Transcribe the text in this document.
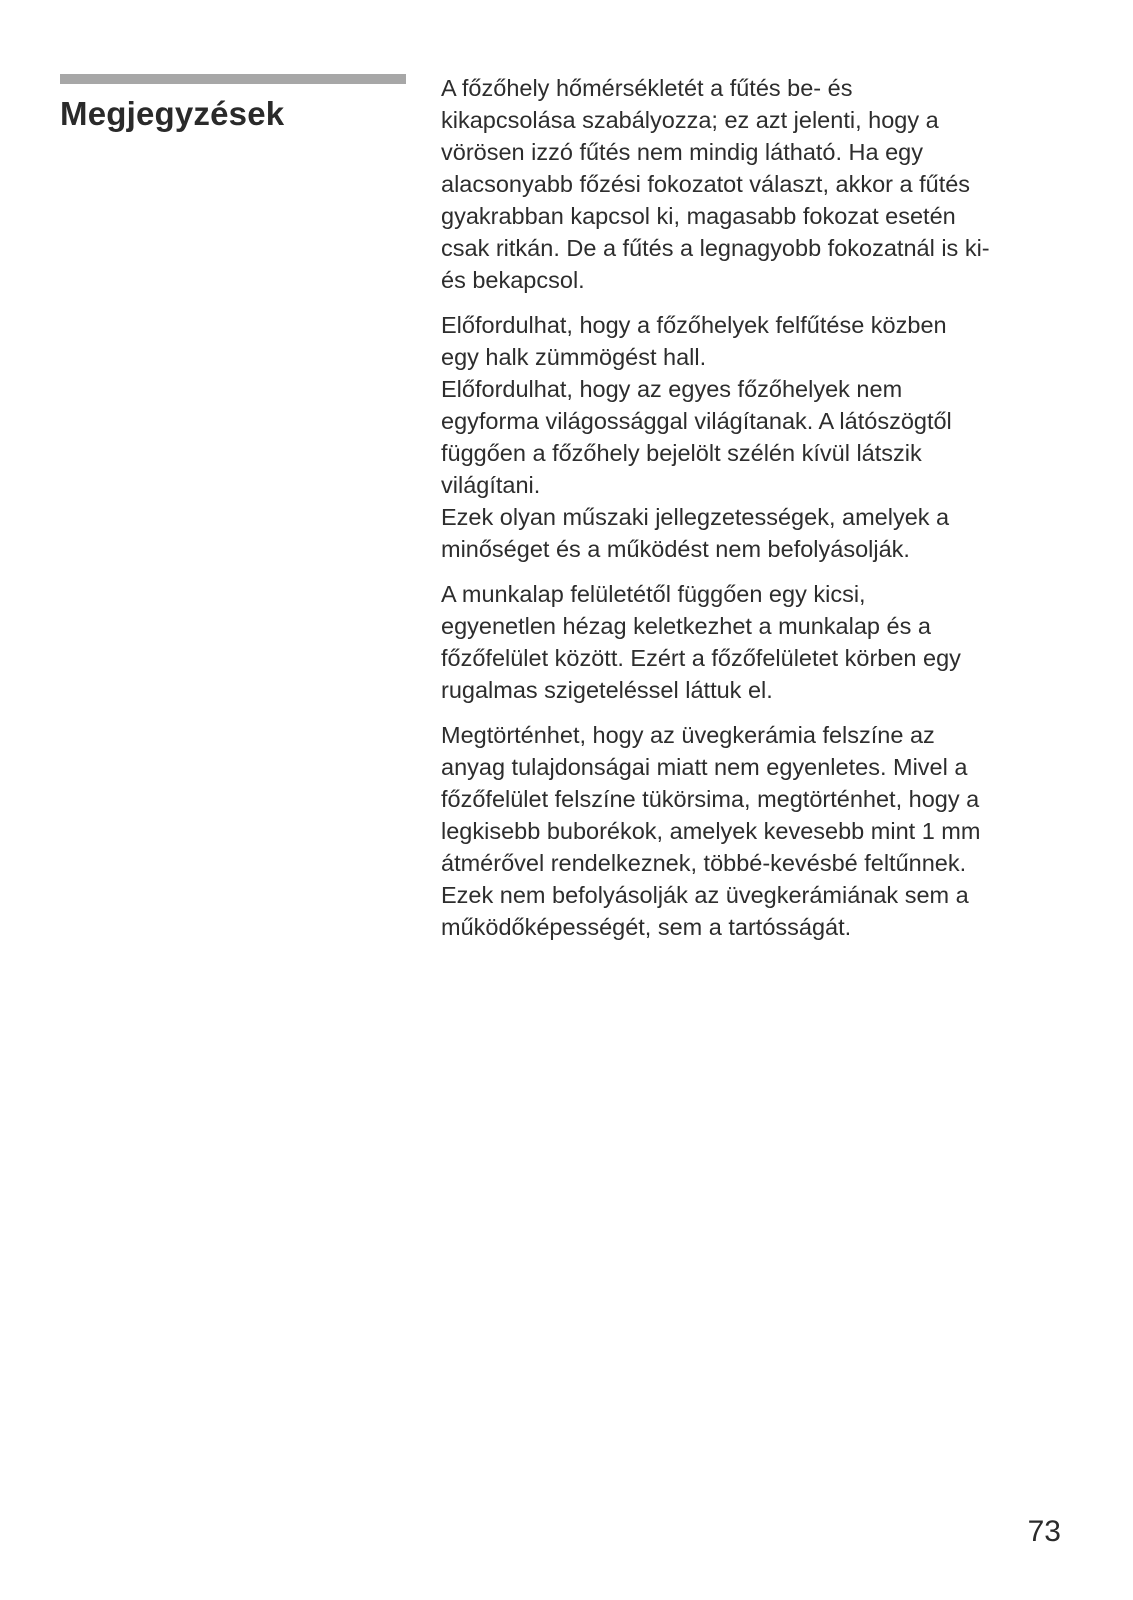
Megjegyzések

A főzőhely hőmérsékletét a fűtés be- és
kikapcsolása szabályozza; ez azt jelenti, hogy a
vörösen izzó fűtés nem mindig látható. Ha egy
alacsonyabb főzési fokozatot választ, akkor a fűtés
gyakrabban kapcsol ki, magasabb fokozat esetén
csak ritkán. De a fűtés a legnagyobb fokozatnál is ki-
és bekapcsol.

Előfordulhat, hogy a főzőhelyek felfűtése közben
egy halk zümmögést hall.
Előfordulhat, hogy az egyes főzőhelyek nem
egyforma világossággal világítanak. A látószögtől
függően a főzőhely bejelölt szélén kívül látszik
világítani.
Ezek olyan műszaki jellegzetességek, amelyek a
minőséget és a működést nem befolyásolják.

A munkalap felületétől függően egy kicsi,
egyenetlen hézag keletkezhet a munkalap és a
főzőfelület között. Ezért a főzőfelületet körben egy
rugalmas szigeteléssel láttuk el.

Megtörténhet, hogy az üvegkerámia felszíne az
anyag tulajdonságai miatt nem egyenletes. Mivel a
főzőfelület felszíne tükörsima, megtörténhet, hogy a
legkisebb buborékok, amelyek kevesebb mint 1 mm
átmérővel rendelkeznek, többé-kevésbé feltűnnek.
Ezek nem befolyásolják az üvegkerámiának sem a
működőképességét, sem a tartósságát.

73
